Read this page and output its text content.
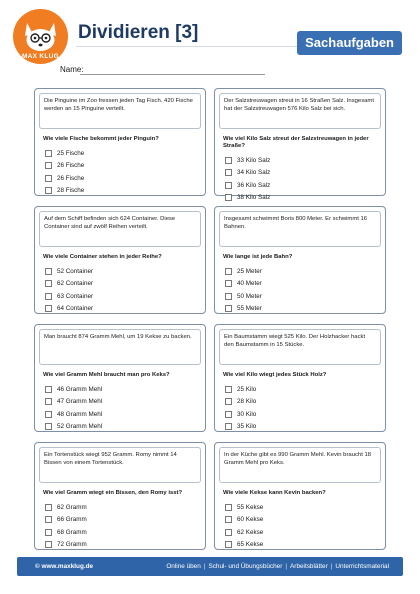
MAX KLUG
Dividieren [3]	Sachaufgaben
Name:
Die Pinguine im Zoo fressen jeden Tag Fisch. 420 Fische werden an 15 Pinguine verteilt.
Wie viele Fische bekommt jeder Pinguin?
25 Fische
26 Fische
26 Fische
28 Fische
Der Salzstreuwagen streut in 16 Straßen Salz. Insgesamt hat der Salzstreuwagen 576 Kilo Salz bei sich.
Wie viel Kilo Salz streut der Salzstreuwagen in jeder Straße?
33 Kilo Salz
34 Kilo Salz
36 Kilo Salz
38 Kilo Salz
Auf dem Schiff befinden sich 624 Container. Diese Container sind auf zwölf Reihen verteilt.
Wie viele Container stehen in jeder Reihe?
52 Container
62 Container
63 Container
64 Container
Insgesamt schwimmt Boris 800 Meter. Er schwimmt 16 Bahnen.
Wie lange ist jede Bahn?
25 Meter
40 Meter
50 Meter
55 Meter
Man braucht 874 Gramm Mehl, um 19 Kekse zu backen.
Wie viel Gramm Mehl braucht man pro Keks?
46 Gramm Mehl
47 Gramm Mehl
48 Gramm Mehl
52 Gramm Mehl
Ein Baumstamm wiegt 525 Kilo. Der Holzhacker hackt den Baumstamm in 15 Stücke.
Wie viel Kilo wiegt jedes Stück Holz?
25 Kilo
28 Kilo
30 Kilo
35 Kilo
Ein Tortenstück wiegt 952 Gramm. Romy nimmt 14 Bissen von einem Tortenstück.
Wie viel Gramm wiegt ein Bissen, den Romy isst?
62 Gramm
66 Gramm
68 Gramm
72 Gramm
In der Küche gibt es 990 Gramm Mehl. Kevin braucht 18 Gramm Mehl pro Keks.
Wie viele Kekse kann Kevin backen?
55 Kekse
60 Kekse
62 Kekse
65 Kekse
© www.maxklug.de	Online üben | Schul- und Übungsbücher | Arbeitsblätter | Unterrichtsmaterial
